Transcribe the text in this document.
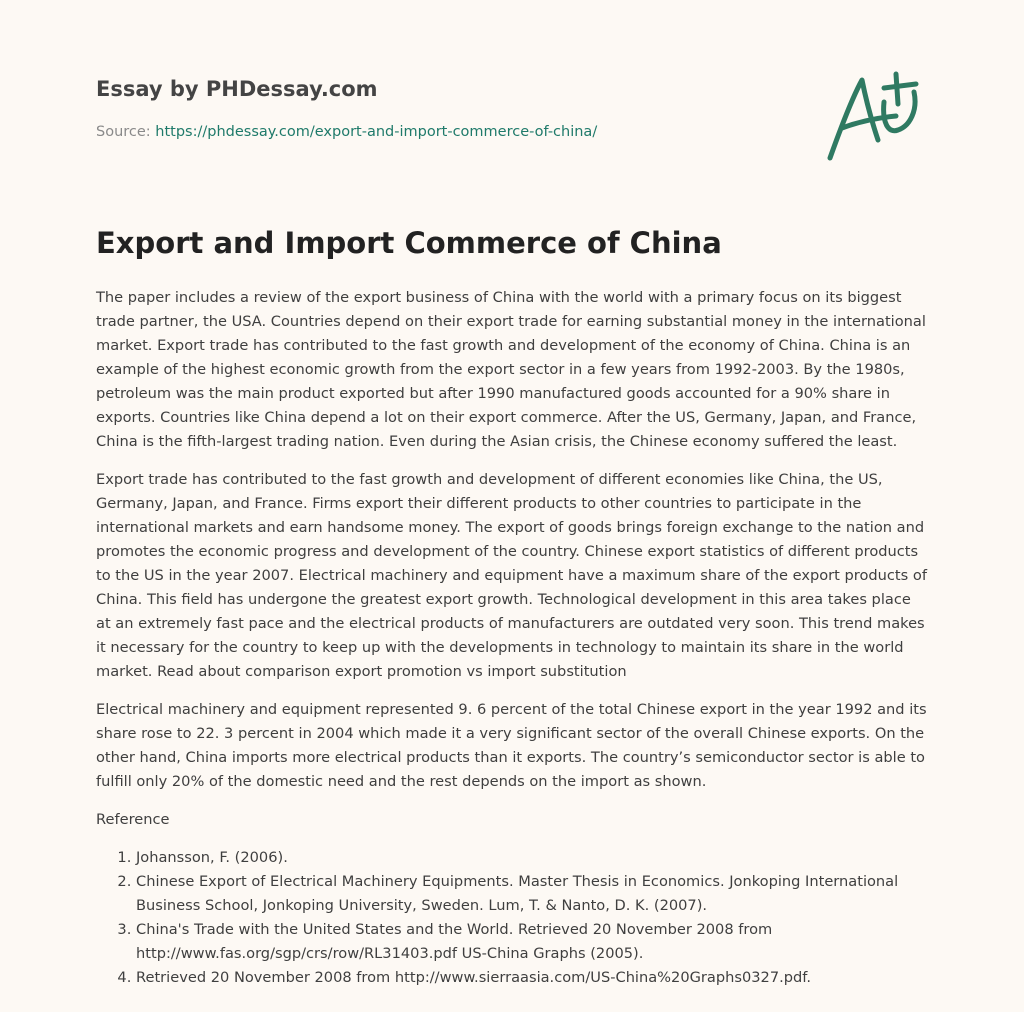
Essay by PHDessay.com
Source: https://phdessay.com/export-and-import-commerce-of-china/
Export and Import Commerce of China

The paper includes a review of the export business of China with the world with a primary focus on its biggest trade partner, the USA. Countries depend on their export trade for earning substantial money in the international market. Export trade has contributed to the fast growth and development of the economy of China. China is an example of the highest economic growth from the export sector in a few years from 1992-2003. By the 1980s, petroleum was the main product exported but after 1990 manufactured goods accounted for a 90% share in exports. Countries like China depend a lot on their export commerce. After the US, Germany, Japan, and France, China is the fifth-largest trading nation. Even during the Asian crisis, the Chinese economy suffered the least.

Export trade has contributed to the fast growth and development of different economies like China, the US, Germany, Japan, and France. Firms export their different products to other countries to participate in the international markets and earn handsome money. The export of goods brings foreign exchange to the nation and promotes the economic progress and development of the country. Chinese export statistics of different products to the US in the year 2007. Electrical machinery and equipment have a maximum share of the export products of China. This field has undergone the greatest export growth. Technological development in this area takes place at an extremely fast pace and the electrical products of manufacturers are outdated very soon. This trend makes it necessary for the country to keep up with the developments in technology to maintain its share in the world market. Read about comparison export promotion vs import substitution

Electrical machinery and equipment represented 9. 6 percent of the total Chinese export in the year 1992 and its share rose to 22. 3 percent in 2004 which made it a very significant sector of the overall Chinese exports. On the other hand, China imports more electrical products than it exports. The country’s semiconductor sector is able to fulfill only 20% of the domestic need and the rest depends on the import as shown.

Reference

1. Johansson, F. (2006).
2. Chinese Export of Electrical Machinery Equipments. Master Thesis in Economics. Jonkoping International Business School, Jonkoping University, Sweden. Lum, T. & Nanto, D. K. (2007).
3. China's Trade with the United States and the World. Retrieved 20 November 2008 from http://www.fas.org/sgp/crs/row/RL31403.pdf US-China Graphs (2005).
4. Retrieved 20 November 2008 from http://www.sierraasia.com/US-China%20Graphs0327.pdf.
